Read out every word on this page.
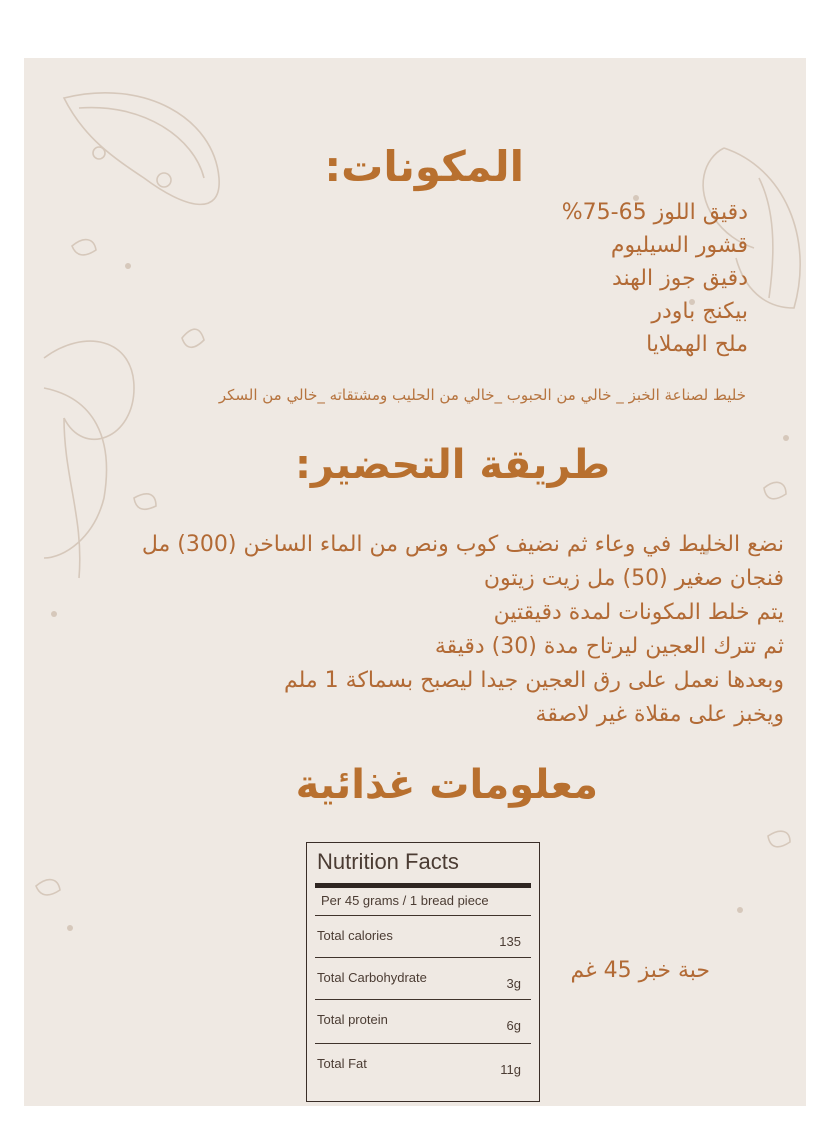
المكونات:
دقيق اللوز 65-75%
قشور السيليوم
دقيق جوز الهند
بيكنج باودر
ملح الهملايا
خليط لصناعة الخبز _ خالي من الحبوب _خالي من الحليب ومشتقاته _خالي من السكر
طريقة التحضير:
نضع الخليط في وعاء ثم نضيف كوب ونص من الماء الساخن (300) مل
فنجان صغير (50) مل زيت زيتون
يتم خلط المكونات لمدة دقيقتين
ثم تترك العجين ليرتاح مدة (30) دقيقة
وبعدها نعمل على رق العجين جيدا ليصبح بسماكة 1 ملم
ويخبز على مقلاة غير لاصقة
معلومات غذائية
Nutrition Facts
Per 45 grams / 1 bread piece
Total calories	135
Total Carbohydrate	3g
Total protein	6g
Total Fat	11g
حبة خبز 45 غم
